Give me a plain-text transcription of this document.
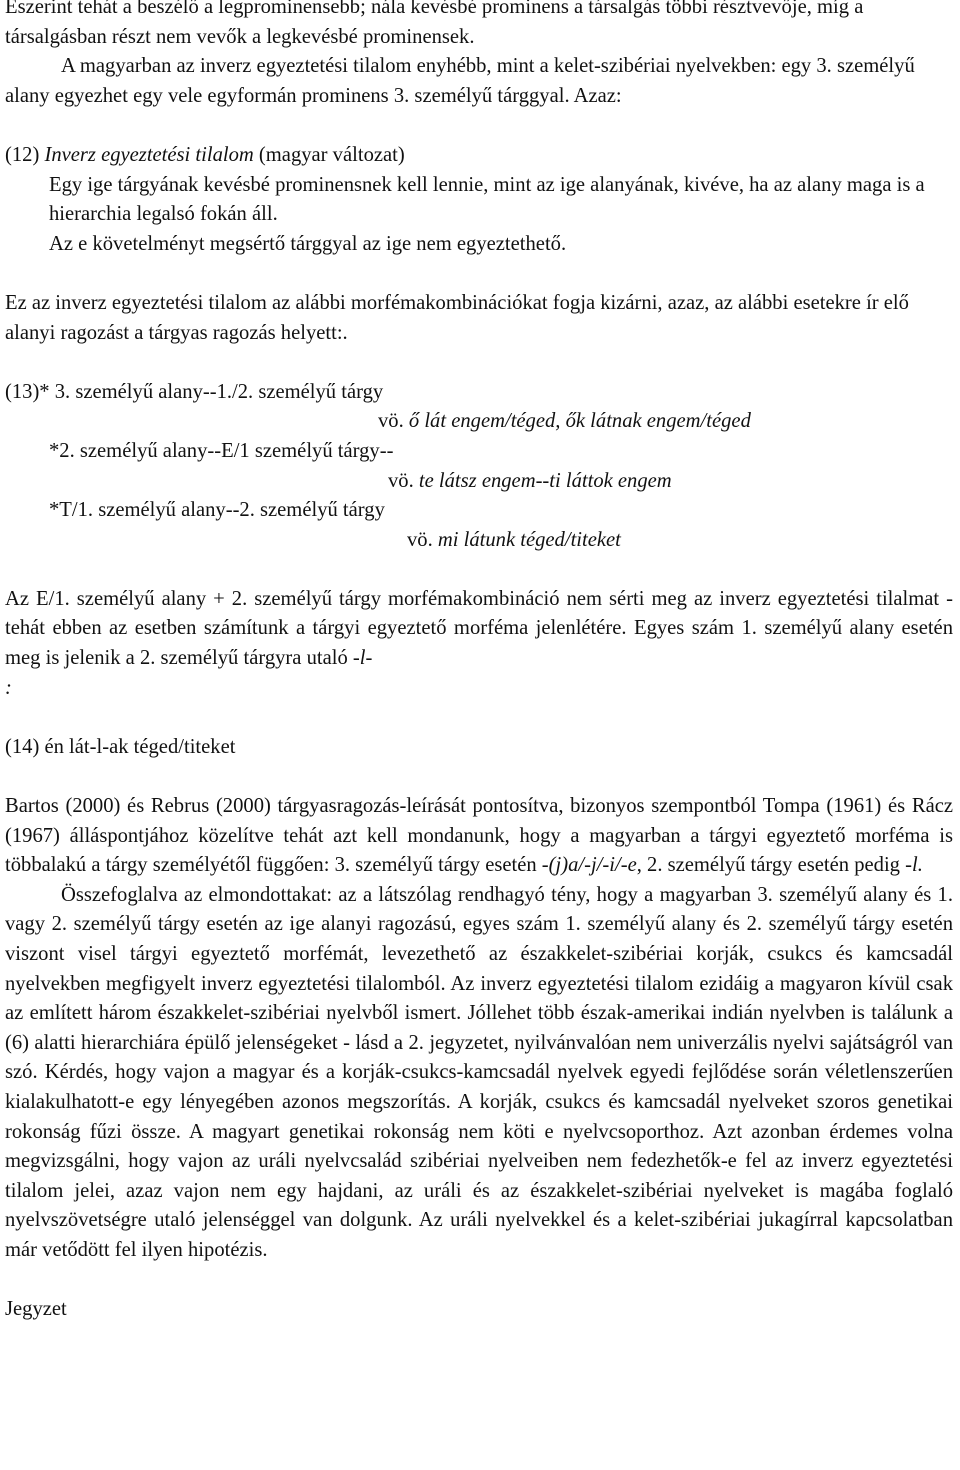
Eszerint tehát a beszélő a legprominensebb; nála kevésbé prominens a társalgás többi résztvevője, míg a társalgásban részt nem vevők a legkevésbé prominensek.

A magyarban az inverz egyeztetési tilalom enyhébb, mint a kelet-szibériai nyelvekben: egy 3. személyű alany egyezhet egy vele egyformán prominens 3. személyű tárggyal. Azaz:

(12) Inverz egyeztetési tilalom (magyar változat)

Egy ige tárgyának kevésbé prominensnek kell lennie, mint az ige alanyának, kivéve, ha az alany maga is a hierarchia legalsó fokán áll.

Az e követelményt megsértő tárggyal az ige nem egyeztethető.

Ez az inverz egyeztetési tilalom az alábbi morfémakombinációkat fogja kizárni, azaz, az alábbi esetekre ír elő alanyi ragozást a tárgyas ragozás helyett:.

(13)* 3. személyű alany--1./2. személyű tárgy

vö. ő lát engem/téged, ők látnak engem/téged

*2. személyű alany--E/1 személyű tárgy--

vö. te látsz engem--ti láttok engem

*T/1. személyű alany--2. személyű tárgy

vö. mi látunk téged/titeket

Az E/1. személyű alany + 2. személyű tárgy morfémakombináció nem sérti meg az inverz egyeztetési tilalmat - tehát ebben az esetben számítunk a tárgyi egyeztető morféma jelenlétére. Egyes szám 1. személyű alany esetén meg is jelenik a 2. személyű tárgyra utaló -l-
:

(14) én lát-l-ak téged/titeket

Bartos (2000) és Rebrus (2000) tárgyasragozás-leírását pontosítva, bizonyos szempontból Tompa (1961) és Rácz (1967) álláspontjához közelítve tehát azt kell mondanunk, hogy a magyarban a tárgyi egyeztető morféma is többalakú a tárgy személyétől függően: 3. személyű tárgy esetén -(j)a/-j/-i/-e, 2. személyű tárgy esetén pedig -l.

Összefoglalva az elmondottakat: az a látszólag rendhagyó tény, hogy a magyarban 3. személyű alany és 1. vagy 2. személyű tárgy esetén az ige alanyi ragozású, egyes szám 1. személyű alany és 2. személyű tárgy esetén viszont visel tárgyi egyeztető morfémát, levezethető az északkelet-szibériai korják, csukcs és kamcsadál nyelvekben megfigyelt inverz egyeztetési tilalomból. Az inverz egyeztetési tilalom ezidáig a magyaron kívül csak az említett három északkelet-szibériai nyelvből ismert. Jóllehet több észak-amerikai indián nyelvben is találunk a (6) alatti hierarchiára épülő jelenségeket - lásd a 2. jegyzetet, nyilvánvalóan nem univerzális nyelvi sajátságról van szó. Kérdés, hogy vajon a magyar és a korják-csukcs-kamcsadál nyelvek egyedi fejlődése során véletlenszerűen kialakulhatott-e egy lényegében azonos megszorítás. A korják, csukcs és kamcsadál nyelveket szoros genetikai rokonság fűzi össze. A magyart genetikai rokonság nem köti e nyelvcsoporthoz. Azt azonban érdemes volna megvizsgálni, hogy vajon az uráli nyelvcsalád szibériai nyelveiben nem fedezhetők-e fel az inverz egyeztetési tilalom jelei, azaz vajon nem egy hajdani, az uráli és az északkelet-szibériai nyelveket is magába foglaló nyelvszövetségre utaló jelenséggel van dolgunk. Az uráli nyelvekkel és a kelet-szibériai jukagírral kapcsolatban már vetődött fel ilyen hipotézis.

Jegyzet
